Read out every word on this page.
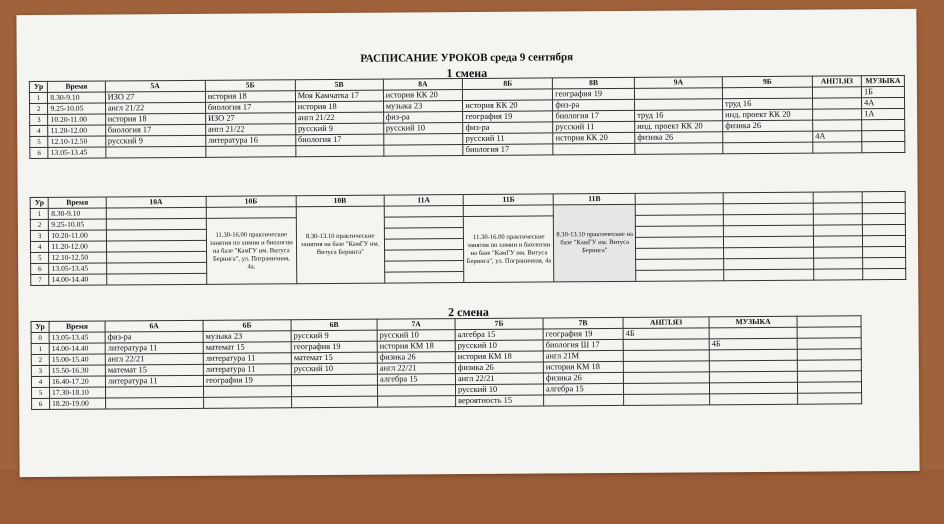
РАСПИСАНИЕ УРОКОВ среда 9 сентября
1 смена
Ур	Время	5А	5Б	5В	8А	8Б	8В	9А	9Б	АНГЛ.ЯЗ	МУЗЫКА
1	8.30-9.10	ИЗО 27	история 18	Моя Камчатка 17	история КК 20		география 19				1Б
2	9.25-10.05	англ 21/22	биология 17	история 18	музыка 23	история КК 20	физ-ра		труд 16		4А
3	10.20-11.00	история 18	ИЗО 27	англ 21/22	физ-ра	география 19	биология 17	труд 16	инд. проект КК 20		1А
4	11.20-12.00	биология 17	англ 21/22	русский 9	русский 10	физ-ра	русский 11	инд. проект КК 20	физика 26		
5	12.10-12.50	русский 9	литература 16	биология 17		русский 11	история КК 20	физика 26		4А	
6	13.05-13.45					биология 17					
Ур	Время	10А	10Б	10В	11А	11Б	11В				
1	8.30-9.10			8.30-13.10 практические занятия на базе "КамГУ им. Витуса Беринга"			8.30-13.10 практические на базе "КамГУ им. Витуса Беринга"				
2	9.25-10.05		11.30-16.00 практические занятия по химии и биологии на базе "КамГУ им. Витуса Беринга", ул. Пограничная, 4а.			11.30-16.00 практические занятия по химии и биологии на базе "КамГУ им. Витуса Беринга", ул. Пограничная, 4а					
3	10.20-11.00										
4	11.20-12.00										
5	12.10-12.50										
6	13.05-13.45										
7	14.00-14.40										
2 смена
Ур	Время	6А	6Б	6В	7А	7Б	7В	АНГЛ.ЯЗ	МУЗЫКА	
0	13.05-13.45	физ-ра	музыка 23	русский 9	русский 10	алгебра 15	география 19	4Б		
1	14.00-14.40	литература 11	математ 15	география 19	история КМ 18	русский 10	биология Ш 17		4Б	
2	15.00-15.40	англ 22/21	литература 11	математ 15	физика 26	история КМ 18	англ 21М			
3	15.50-16.30	математ 15	литература 11	русский 10	англ 22/21	физика 26	история КМ 18			
4	16.40-17.20	литература 11	география 19		алгебра 15	англ 22/21	физика 26			
5	17.30-18.10					русский 10	алгебра 15			
6	18.20-19.00					вероятность 15				
